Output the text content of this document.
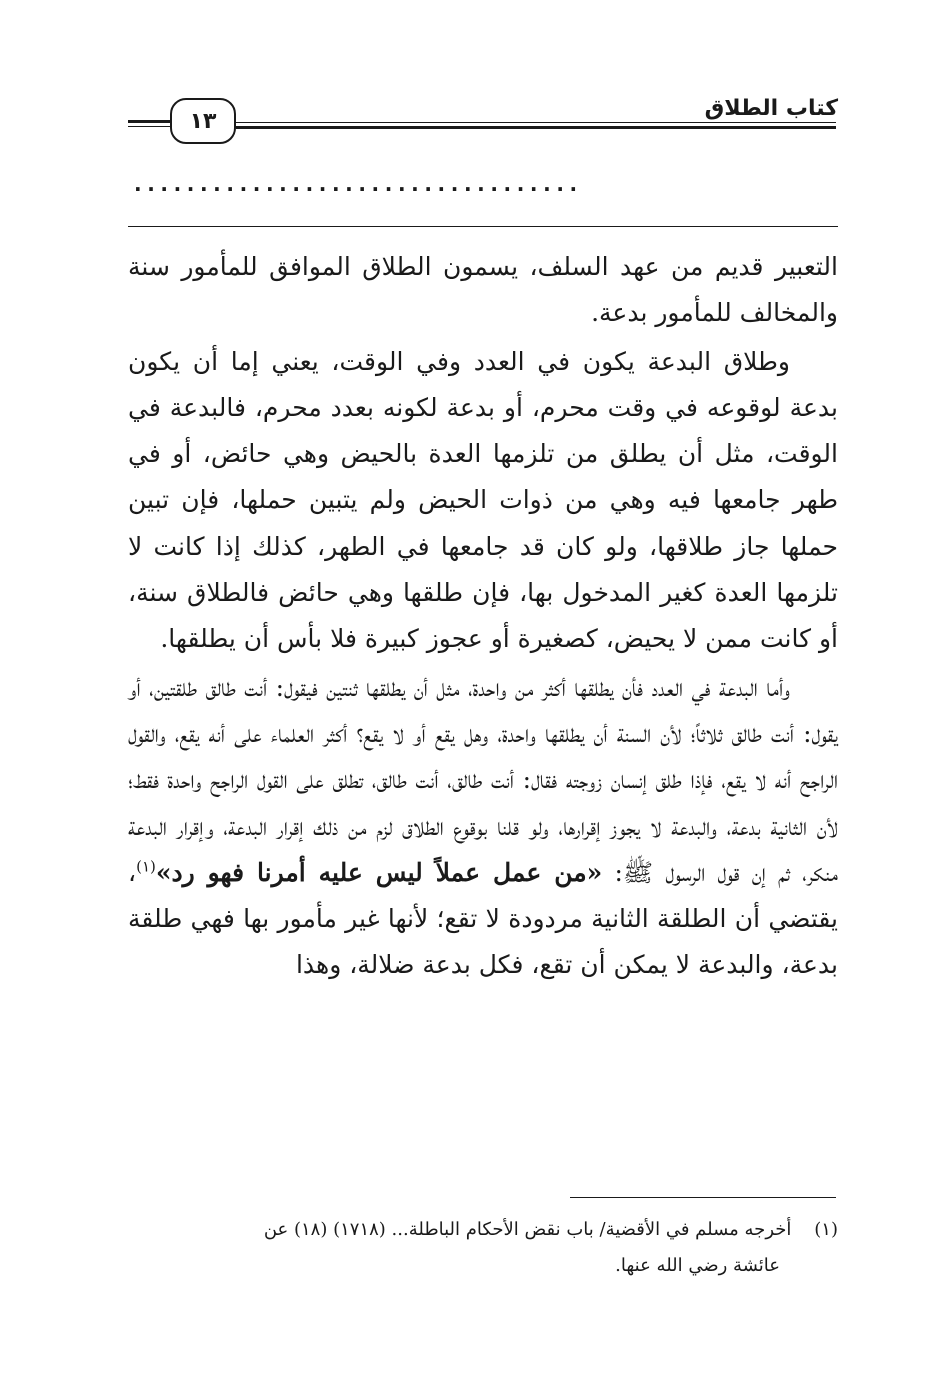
كتاب الطلاق
١٣
..................................

التعبير قديم من عهد السلف، يسمون الطلاق الموافق للمأمور سنة والمخالف للمأمور بدعة.

وطلاق البدعة يكون في العدد وفي الوقت، يعني إما أن يكون بدعة لوقوعه في وقت محرم، أو بدعة لكونه بعدد محرم، فالبدعة في الوقت، مثل أن يطلق من تلزمها العدة بالحيض وهي حائض، أو في طهر جامعها فيه وهي من ذوات الحيض ولم يتبين حملها، فإن تبين حملها جاز طلاقها، ولو كان قد جامعها في الطهر، كذلك إذا كانت لا تلزمها العدة كغير المدخول بها، فإن طلقها وهي حائض فالطلاق سنة، أو كانت ممن لا يحيض، كصغيرة أو عجوز كبيرة فلا بأس أن يطلقها.

وأما البدعة في العدد فأن يطلقها أكثر من واحدة، مثل أن يطلقها ثنتين فيقول: أنت طالق طلقتين، أو يقول: أنت طالق ثلاثاً؛ لأن السنة أن يطلقها واحدة، وهل يقع أو لا يقع؟ أكثر العلماء على أنه يقع، والقول الراجح أنه لا يقع، فإذا طلق إنسان زوجته فقال: أنت طالق، أنت طالق، تطلق على القول الراجح واحدة فقط؛ لأن الثانية بدعة، والبدعة لا يجوز إقرارها، ولو قلنا بوقوع الطلاق لزم من ذلك إقرار البدعة، وإقرار البدعة منكر، ثم إن قول الرسول ﷺ: «من عمل عملاً ليس عليه أمرنا فهو رد»$^{(١)}$، يقتضي أن الطلقة الثانية مردودة لا تقع؛ لأنها غير مأمور بها فهي طلقة بدعة، والبدعة لا يمكن أن تقع، فكل بدعة ضلالة، وهذا

(١)    أخرجه مسلم في الأقضية/ باب نقض الأحكام الباطلة... (١٧١٨) (١٨) عن

عائشة رضي الله عنها.
